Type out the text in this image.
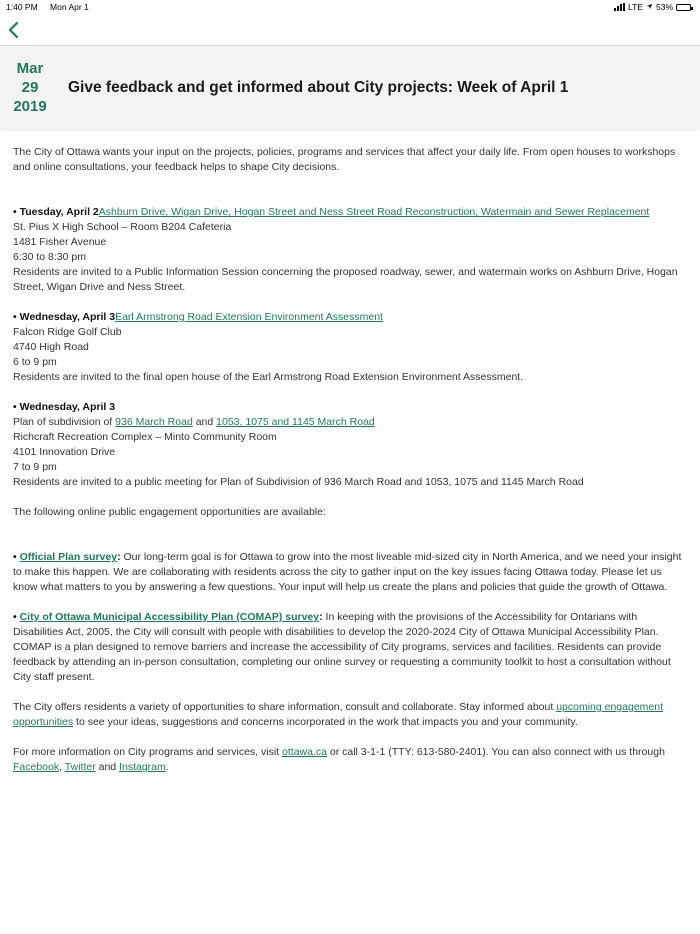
1:40 PM Mon Apr 1	LTE 53%
Mar
29
2019
Give feedback and get informed about City projects: Week of April 1

The City of Ottawa wants your input on the projects, policies, programs and services that affect your daily life. From open houses to workshops and online consultations, your feedback helps to shape City decisions.

• Tuesday, April 2Ashburn Drive, Wigan Drive, Hogan Street and Ness Street Road Reconstruction, Watermain and Sewer Replacement
St. Pius X High School – Room B204 Cafeteria
1481 Fisher Avenue
6:30 to 8:30 pm
Residents are invited to a Public Information Session concerning the proposed roadway, sewer, and watermain works on Ashburn Drive, Hogan Street, Wigan Drive and Ness Street.
• Wednesday, April 3Earl Armstrong Road Extension Environment Assessment
Falcon Ridge Golf Club
4740 High Road
6 to 9 pm
Residents are invited to the final open house of the Earl Armstrong Road Extension Environment Assessment.
• Wednesday, April 3
Plan of subdivision of 936 March Road and 1053, 1075 and 1145 March Road
Richcraft Recreation Complex – Minto Community Room
4101 Innovation Drive
7 to 9 pm
Residents are invited to a public meeting for Plan of Subdivision of 936 March Road and 1053, 1075 and 1145 March Road

The following online public engagement opportunities are available:

• Official Plan survey: Our long-term goal is for Ottawa to grow into the most liveable mid-sized city in North America, and we need your insight to make this happen. We are collaborating with residents across the city to gather input on the key issues facing Ottawa today. Please let us know what matters to you by answering a few questions. Your input will help us create the plans and policies that guide the growth of Ottawa.

• City of Ottawa Municipal Accessibility Plan (COMAP) survey: In keeping with the provisions of the Accessibility for Ontarians with Disabilities Act, 2005, the City will consult with people with disabilities to develop the 2020-2024 City of Ottawa Municipal Accessibility Plan. COMAP is a plan designed to remove barriers and increase the accessibility of City programs, services and facilities. Residents can provide feedback by attending an in-person consultation, completing our online survey or requesting a community toolkit to host a consultation without City staff present.

The City offers residents a variety of opportunities to share information, consult and collaborate. Stay informed about upcoming engagement opportunities to see your ideas, suggestions and concerns incorporated in the work that impacts you and your community.

For more information on City programs and services, visit ottawa.ca or call 3-1-1 (TTY: 613-580-2401). You can also connect with us through Facebook, Twitter and Instagram.
